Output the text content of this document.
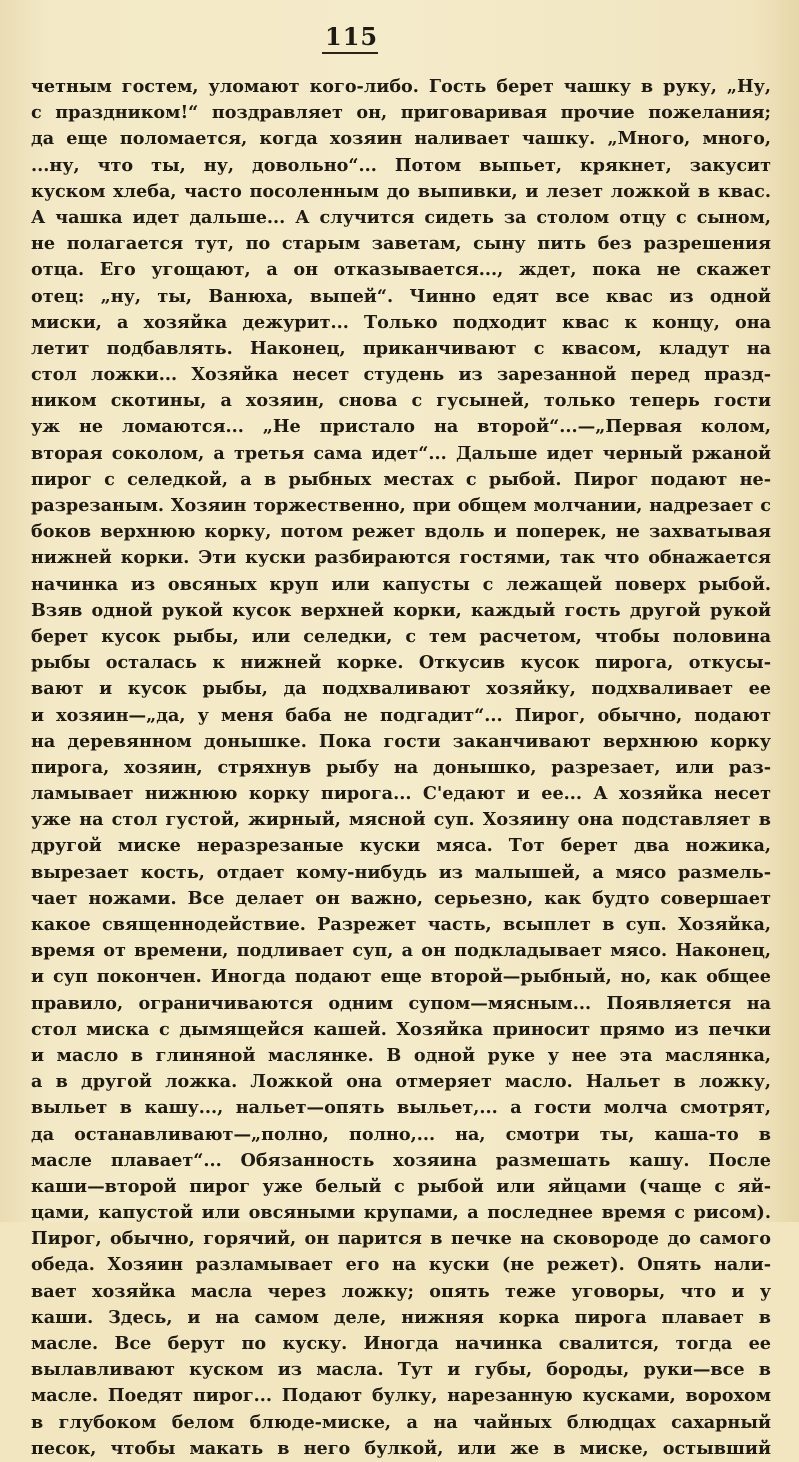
115
четным гостем, уломают кого-либо. Гость берет чашку в руку, „Ну,
с праздником!“ поздравляет он, приговаривая прочие пожелания;
да еще поломается, когда хозяин наливает чашку. „Много, много,
...ну, что ты, ну, довольно“... Потом выпьет, крякнет, закусит
куском хлеба, часто посоленным до выпивки, и лезет ложкой в квас.
А чашка идет дальше... А случится сидеть за столом отцу с сыном,
не полагается тут, по старым заветам, сыну пить без разрешения
отца. Его угощают, а он отказывается..., ждет, пока не скажет
отец: „ну, ты, Ванюха, выпей“. Чинно едят все квас из одной
миски, а хозяйка дежурит... Только подходит квас к концу, она
летит подбавлять. Наконец, приканчивают с квасом, кладут на
стол ложки... Хозяйка несет студень из зарезанной перед празд-
ником скотины, а хозяин, снова с гусыней, только теперь гости
уж не ломаются... „Не пристало на второй“...—„Первая колом,
вторая соколом, а третья сама идет“... Дальше идет черный ржаной
пирог с селедкой, а в рыбных местах с рыбой. Пирог подают не-
разрезаным. Хозяин торжественно, при общем молчании, надрезает с
боков верхнюю корку, потом режет вдоль и поперек, не захватывая
нижней корки. Эти куски разбираются гостями, так что обнажается
начинка из овсяных круп или капусты с лежащей поверх рыбой.
Взяв одной рукой кусок верхней корки, каждый гость другой рукой
берет кусок рыбы, или селедки, с тем расчетом, чтобы половина
рыбы осталась к нижней корке. Откусив кусок пирога, откусы-
вают и кусок рыбы, да подхваливают хозяйку, подхваливает ее
и хозяин—„да, у меня баба не подгадит“... Пирог, обычно, подают
на деревянном донышке. Пока гости заканчивают верхнюю корку
пирога, хозяин, стряхнув рыбу на донышко, разрезает, или раз-
ламывает нижнюю корку пирога... С'едают и ее... А хозяйка несет
уже на стол густой, жирный, мясной суп. Хозяину она подставляет в
другой миске неразрезаные куски мяса. Тот берет два ножика,
вырезает кость, отдает кому-нибудь из малышей, а мясо размель-
чает ножами. Все делает он важно, серьезно, как будто совершает
какое священнодействие. Разрежет часть, всыплет в суп. Хозяйка,
время от времени, подливает суп, а он подкладывает мясо. Наконец,
и суп покончен. Иногда подают еще второй—рыбный, но, как общее
правило, ограничиваются одним супом—мясным... Появляется на
стол миска с дымящейся кашей. Хозяйка приносит прямо из печки
и масло в глиняной маслянке. В одной руке у нее эта маслянка,
а в другой ложка. Ложкой она отмеряет масло. Нальет в ложку,
выльет в кашу..., нальет—опять выльет,... а гости молча смотрят,
да останавливают—„полно, полно,... на, смотри ты, каша-то в
масле плавает“... Обязанность хозяина размешать кашу. После
каши—второй пирог уже белый с рыбой или яйцами (чаще с яй-
цами, капустой или овсяными крупами, а последнее время с рисом).
Пирог, обычно, горячий, он парится в печке на сковороде до самого
обеда. Хозяин разламывает его на куски (не режет). Опять нали-
вает хозяйка масла через ложку; опять теже уговоры, что и у
каши. Здесь, и на самом деле, нижняя корка пирога плавает в
масле. Все берут по куску. Иногда начинка свалится, тогда ее
вылавливают куском из масла. Тут и губы, бороды, руки—все в
масле. Поедят пирог... Подают булку, нарезанную кусками, ворохом
в глубоком белом блюде-миске, а на чайных блюдцах сахарный
песок, чтобы макать в него булкой, или же в миске, остывший
